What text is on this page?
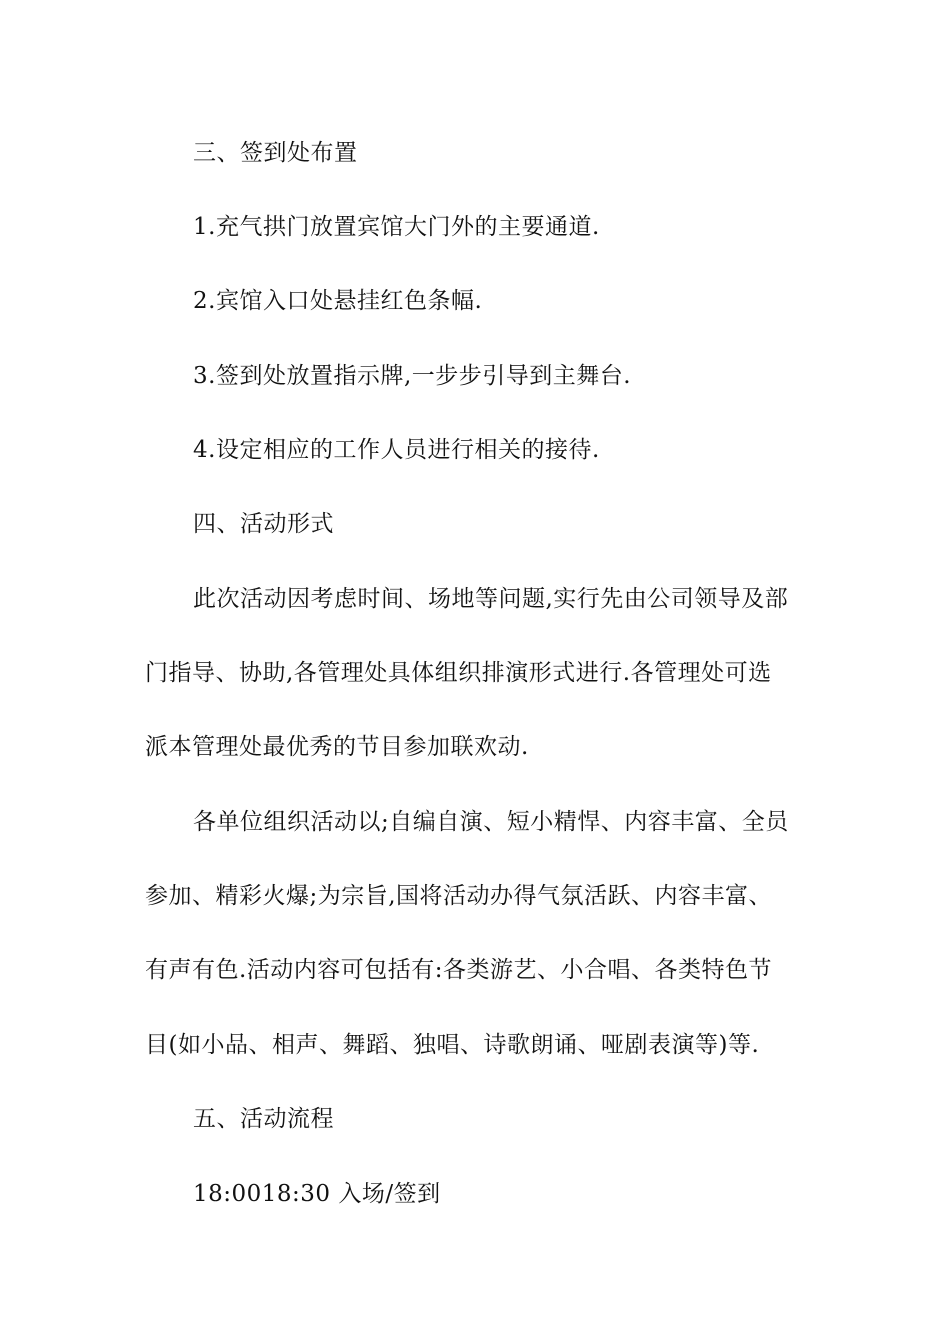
三、签到处布置
1.充气拱门放置宾馆大门外的主要通道.
2.宾馆入口处悬挂红色条幅.
3.签到处放置指示牌,一步步引导到主舞台.
4.设定相应的工作人员进行相关的接待.
四、活动形式
此次活动因考虑时间、场地等问题,实行先由公司领导及部
门指导、协助,各管理处具体组织排演形式进行.各管理处可选
派本管理处最优秀的节目参加联欢动.
各单位组织活动以;自编自演、短小精悍、内容丰富、全员
参加、精彩火爆;为宗旨,国将活动办得气氛活跃、内容丰富、
有声有色.活动内容可包括有:各类游艺、小合唱、各类特色节
目(如小品、相声、舞蹈、独唱、诗歌朗诵、哑剧表演等)等.
五、活动流程
18:0018:30 入场/签到
